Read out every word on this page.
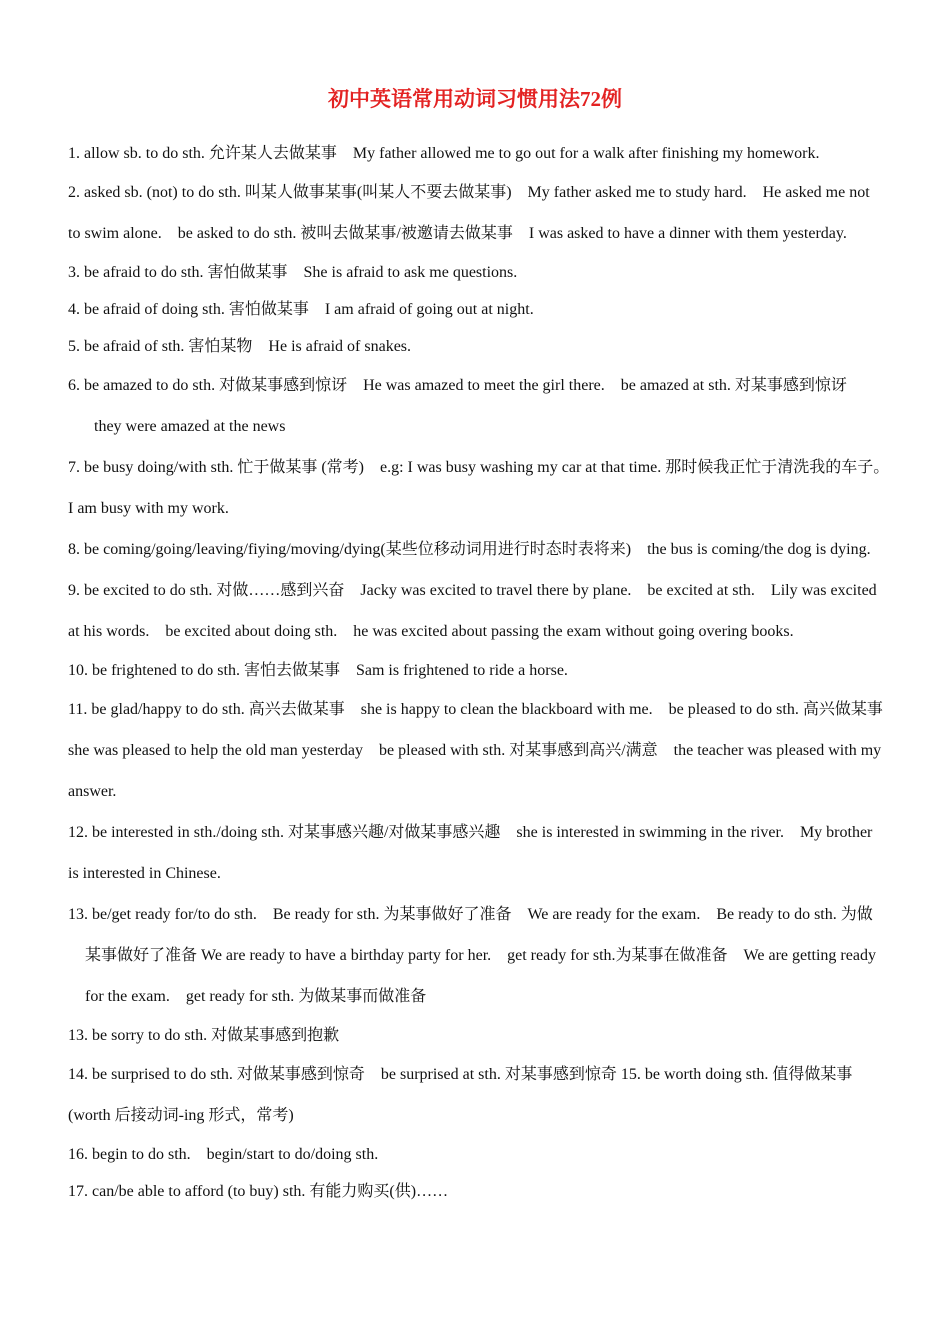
初中英语常用动词习惯用法72例

1. allow sb. to do sth. 允许某人去做某事　My father allowed me to go out for a walk after finishing my homework.

2. asked sb. (not) to do sth. 叫某人做事某事(叫某人不要去做某事)　My father asked me to study hard.　He asked me not to swim alone.　be asked to do sth. 被叫去做某事/被邀请去做某事　I was asked to have a dinner with them yesterday.

3. be afraid to do sth. 害怕做某事　She is afraid to ask me questions.

4. be afraid of doing sth. 害怕做某事　I am afraid of going out at night.

5. be afraid of sth. 害怕某物　He is afraid of snakes.

6. be amazed to do sth. 对做某事感到惊讶　He was amazed to meet the girl there.　be amazed at sth. 对某事感到惊讶　they were amazed at the news

7. be busy doing/with sth. 忙于做某事 (常考)　e.g: I was busy washing my car at that time. 那时候我正忙于清洗我的车子。　I am busy with my work.

8. be coming/going/leaving/fiying/moving/dying(某些位移动词用进行时态时表将来)　the bus is coming/the dog is dying.

9. be excited to do sth. 对做……感到兴奋　Jacky was excited to travel there by plane.　be excited at sth.　Lily was excited at his words.　be excited about doing sth.　he was excited about passing the exam without going overing books.

10. be frightened to do sth. 害怕去做某事　Sam is frightened to ride a horse.

11. be glad/happy to do sth. 高兴去做某事　she is happy to clean the blackboard with me.　be pleased to do sth. 高兴做某事　she was pleased to help the old man yesterday　be pleased with sth. 对某事感到高兴/满意　the teacher was pleased with my answer.

12. be interested in sth./doing sth. 对某事感兴趣/对做某事感兴趣　she is interested in swimming in the river.　My brother is interested in Chinese.

13. be/get ready for/to do sth.　Be ready for sth. 为某事做好了准备　We are ready for the exam.　Be ready to do sth. 为做某事做好了准备 We are ready to have a birthday party for her.　get ready for sth.为某事在做准备　We are getting ready for the exam.　get ready for sth. 为做某事而做准备

13. be sorry to do sth. 对做某事感到抱歉

14. be surprised to do sth. 对做某事感到惊奇　be surprised at sth. 对某事感到惊奇 15. be worth doing sth. 值得做某事 (worth 后接动词-ing 形式，常考)

16. begin to do sth.　begin/start to do/doing sth.

17. can/be able to afford (to buy) sth. 有能力购买(供)……
